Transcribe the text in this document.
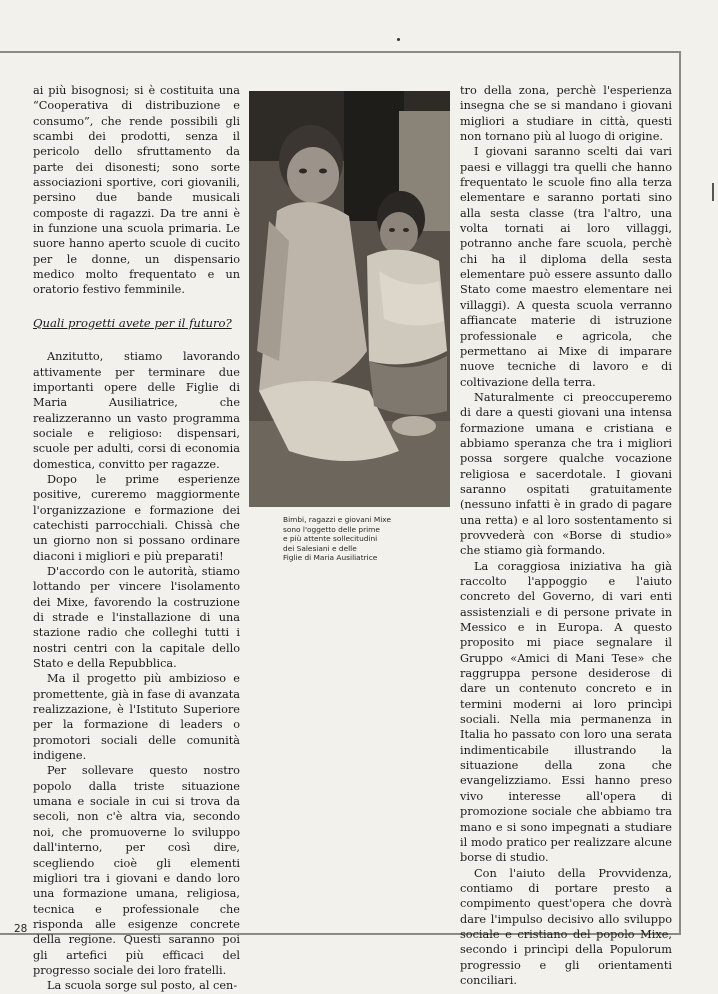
ai più bisognosi; si è costituita una “Cooperativa di distribuzione e consumo”, che rende possibili gli scambi dei prodotti, senza il pericolo dello sfruttamento da parte dei disonesti; sono sorte associazioni sportive, cori giovanili, persino due bande musicali composte di ragazzi. Da tre anni è in funzione una scuola primaria. Le suore hanno aperto scuole di cucito per le donne, un dispensario medico molto frequentato e un oratorio festivo femminile.

Quali progetti avete per il futuro?

Anzitutto, stiamo lavorando attivamente per terminare due importanti opere delle Figlie di Maria Ausiliatrice, che realizzeranno un vasto programma sociale e religioso: dispensari, scuole per adulti, corsi di economia domestica, convitto per ragazze.

Dopo le prime esperienze positive, cureremo maggiormente l'organizzazione e formazione dei catechisti parrocchiali. Chissà che un giorno non si possano ordinare diaconi i migliori e più preparati!

D'accordo con le autorità, stiamo lottando per vincere l'isolamento dei Mixe, favorendo la costruzione di strade e l'installazione di una stazione radio che colleghi tutti i nostri centri con la capitale dello Stato e della Repubblica.

Ma il progetto più ambizioso e promettente, già in fase di avanzata realizzazione, è l'Istituto Superiore per la formazione di leaders o promotori sociali delle comunità indigene.

Per sollevare questo nostro popolo dalla triste situazione umana e sociale in cui si trova da secoli, non c'è altra via, secondo noi, che promuoverne lo sviluppo dall'interno, per così dire, scegliendo cioè gli elementi migliori tra i giovani e dando loro una formazione umana, religiosa, tecnica e professionale che risponda alle esigenze concrete della regione. Questi saranno poi gli artefici più efficaci del progresso sociale dei loro fratelli.

La scuola sorge sul posto, al cen-

Bimbi, ragazzi e giovani Mixe
sono l'oggetto delle prime
e più attente sollecitudini
dei Salesiani e delle
Figlie di Maria Ausiliatrice

tro della zona, perchè l'esperienza insegna che se si mandano i giovani migliori a studiare in città, questi non tornano più al luogo di origine.

I giovani saranno scelti dai vari paesi e villaggi tra quelli che hanno frequentato le scuole fino alla terza elementare e saranno portati sino alla sesta classe (tra l'altro, una volta tornati ai loro villaggi, potranno anche fare scuola, perchè chi ha il diploma della sesta elementare può essere assunto dallo Stato come maestro elementare nei villaggi). A questa scuola verranno affiancate materie di istruzione professionale e agricola, che permettano ai Mixe di imparare nuove tecniche di lavoro e di coltivazione della terra.

Naturalmente ci preoccuperemo di dare a questi giovani una intensa formazione umana e cristiana e abbiamo speranza che tra i migliori possa sorgere qualche vocazione religiosa e sacerdotale. I giovani saranno ospitati gratuitamente (nessuno infatti è in grado di pagare una retta) e al loro sostentamento si provvederà con «Borse di studio» che stiamo già formando.

La coraggiosa iniziativa ha già raccolto l'appoggio e l'aiuto concreto del Governo, di vari enti assistenziali e di persone private in Messico e in Europa. A questo proposito mi piace segnalare il Gruppo «Amici di Mani Tese» che raggruppa persone desiderose di dare un contenuto concreto e in termini moderni ai loro princìpi sociali. Nella mia permanenza in Italia ho passato con loro una serata indimenticabile illustrando la situazione della zona che evangelizziamo. Essi hanno preso vivo interesse all'opera di promozione sociale che abbiamo tra mano e si sono impegnati a studiare il modo pratico per realizzare alcune borse di studio.

Con l'aiuto della Provvidenza, contiamo di portare presto a compimento quest'opera che dovrà dare l'impulso decisivo allo sviluppo sociale e cristiano del popolo Mixe, secondo i princìpi della Populorum progressio e gli orientamenti conciliari.

28
